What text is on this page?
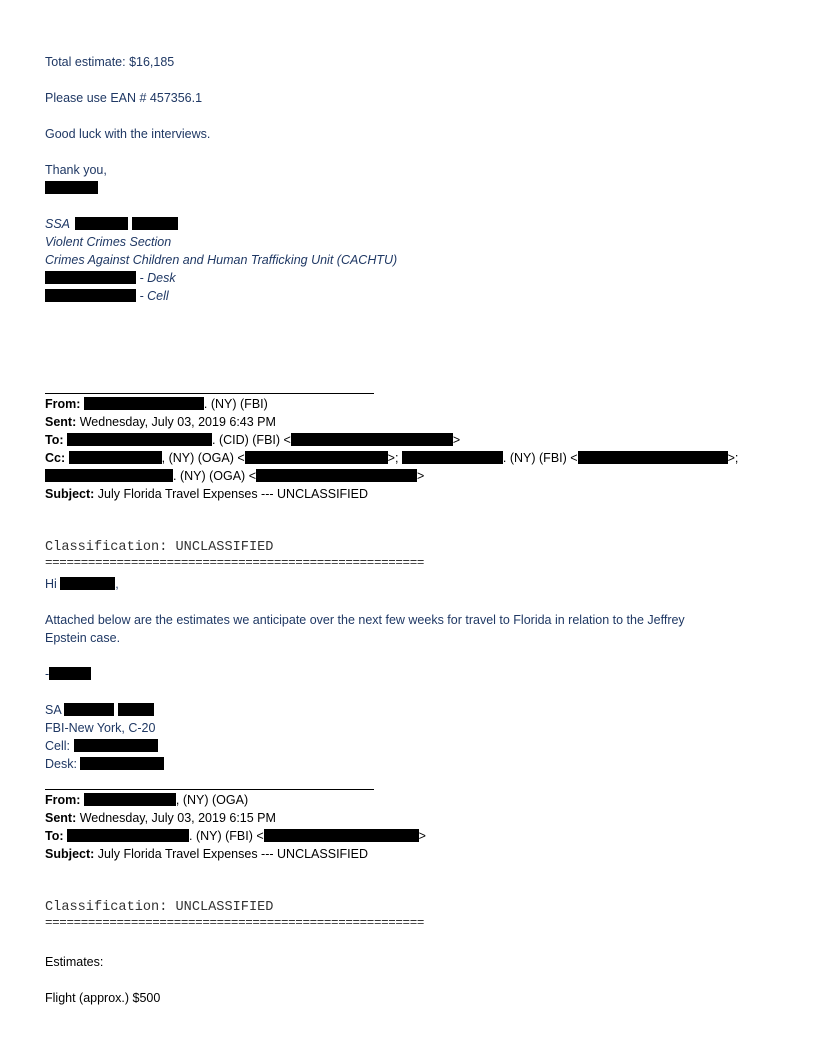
Total estimate: $16,185
Please use EAN # 457356.1
Good luck with the interviews.
Thank you,
SSA
Violent Crimes Section
Crimes Against Children and Human Trafficking Unit (CACHTU)
- Desk
- Cell
From:	. (NY) (FBI)
Sent: Wednesday, July 03, 2019 6:43 PM
To:	. (CID) (FBI) <	>
Cc:	, (NY) (OGA) <	>;	. (NY) (FBI) <	>;
. (NY) (OGA) <	>
Subject: July Florida Travel Expenses --- UNCLASSIFIED
Classification: UNCLASSIFIED
=====================================================
Hi	,
Attached below are the estimates we anticipate over the next few weeks for travel to Florida in relation to the Jeffrey
Epstein case.
-
SA
FBI-New York, C-20
Cell:
Desk:
From:	, (NY) (OGA)
Sent: Wednesday, July 03, 2019 6:15 PM
To:	. (NY) (FBI) <	>
Subject: July Florida Travel Expenses --- UNCLASSIFIED
Classification: UNCLASSIFIED
=====================================================
Estimates:
Flight (approx.) $500
